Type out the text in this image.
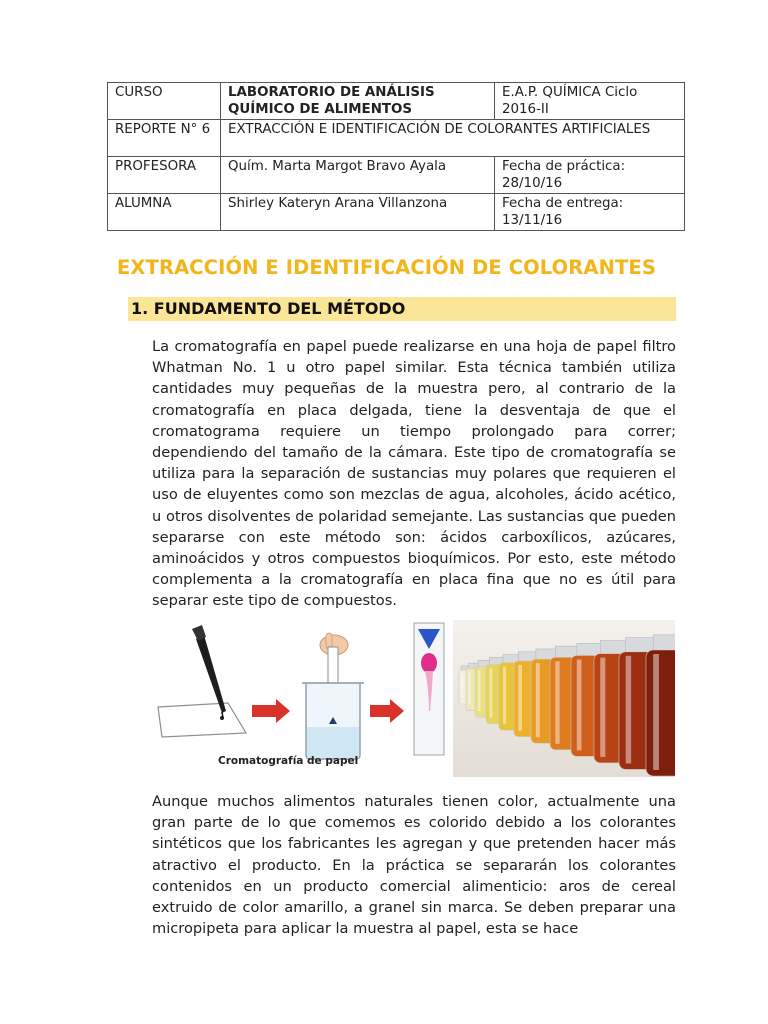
CURSO	LABORATORIO DE ANÁLISIS QUÍMICO DE ALIMENTOS	E.A.P. QUÍMICA Ciclo 2016-II
REPORTE N° 6	EXTRACCIÓN E IDENTIFICACIÓN DE COLORANTES ARTIFICIALES	
PROFESORA	Quím. Marta Margot Bravo Ayala	Fecha de práctica: 28/10/16
ALUMNA	Shirley Kateryn Arana Villanzona	Fecha de entrega: 13/11/16
EXTRACCIÓN E IDENTIFICACIÓN DE COLORANTES
1. FUNDAMENTO DEL MÉTODO

La cromatografía en papel puede realizarse en una hoja de papel filtro Whatman No. 1 u otro papel similar. Esta técnica también utiliza cantidades muy pequeñas de la muestra pero, al contrario de la cromatografía en placa delgada, tiene la desventaja de que el cromatograma requiere un tiempo prolongado para correr; dependiendo del tamaño de la cámara. Este tipo de cromatografía se utiliza para la separación de sustancias muy polares que requieren el uso de eluyentes como son mezclas de agua, alcoholes, ácido acético, u otros disolventes de polaridad semejante. Las sustancias que pueden separarse con este método son: ácidos carboxílicos, azúcares, aminoácidos y otros compuestos bioquímicos. Por esto, este método complementa a la cromatografía en placa fina que no es útil para separar este tipo de compuestos.

Cromatografía de papel

Aunque muchos alimentos naturales tienen color, actualmente una gran parte de lo que comemos es colorido debido a los colorantes sintéticos que los fabricantes les agregan y que pretenden hacer más atractivo el producto. En la práctica se separarán los colorantes contenidos en un producto comercial alimenticio: aros de cereal extruido de color amarillo, a granel sin marca. Se deben preparar una micropipeta para aplicar la muestra al papel, esta se hace
